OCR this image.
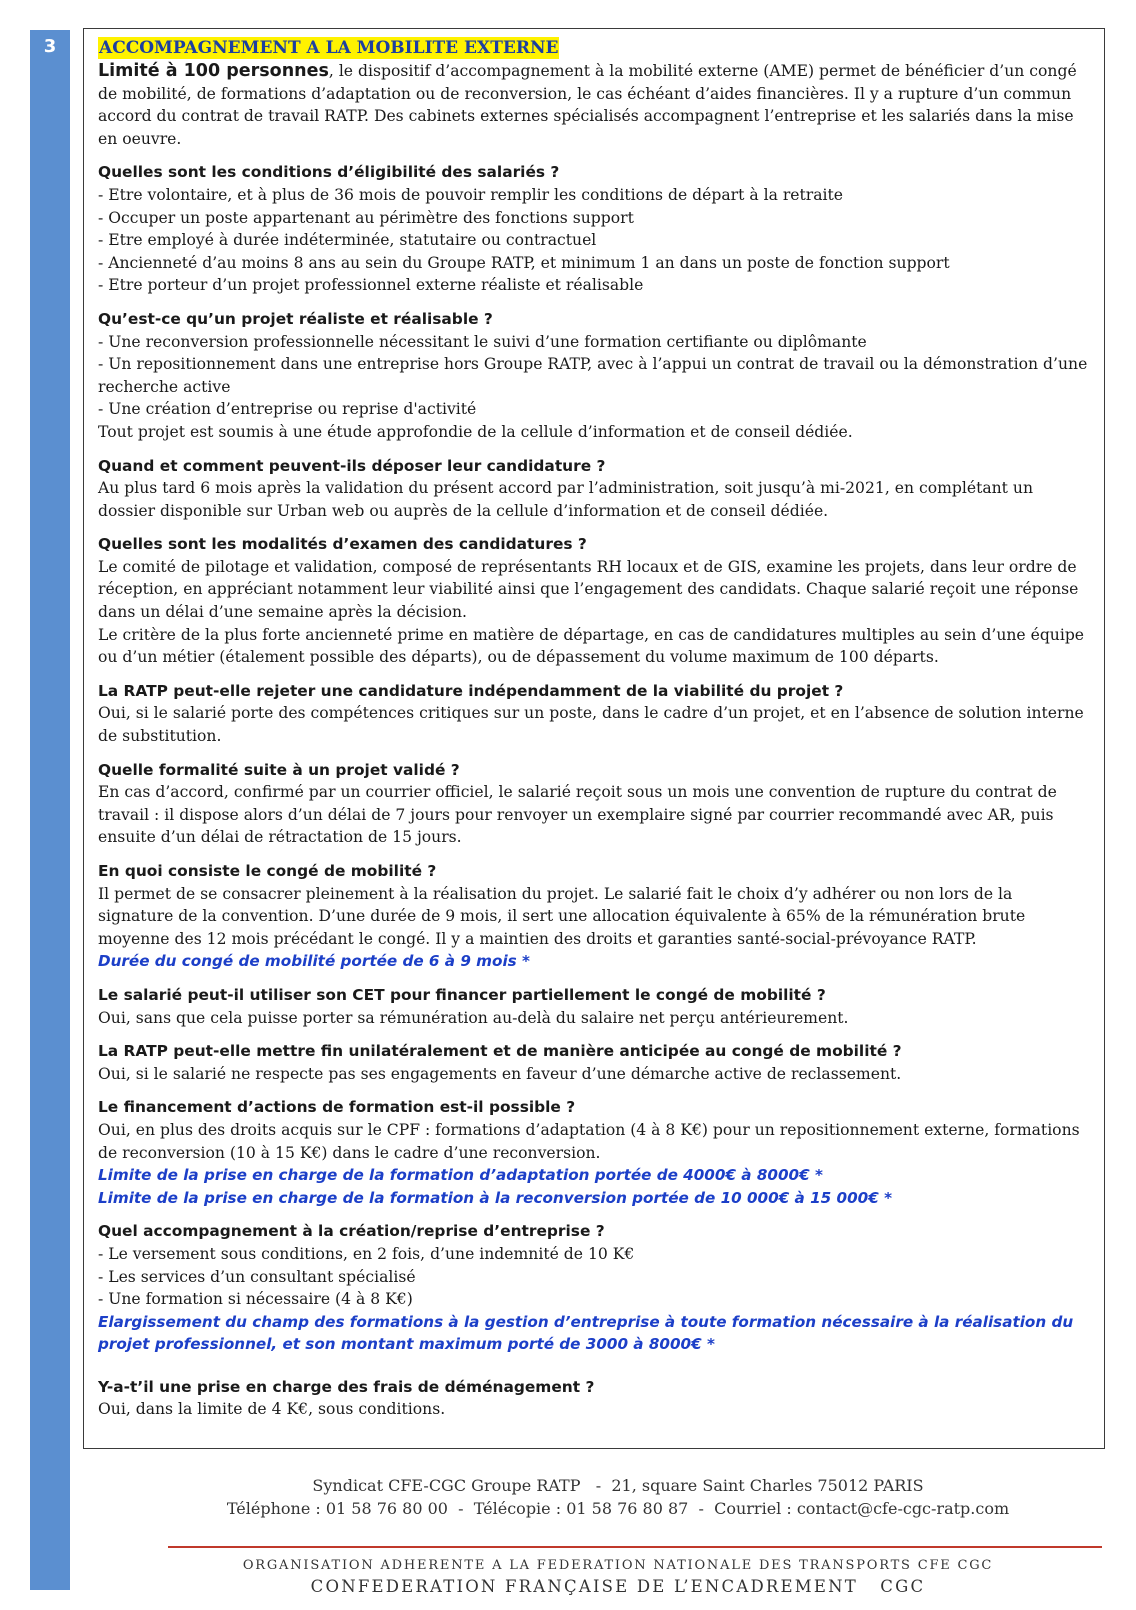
3	ACCOMPAGNEMENT A LA MOBILITE EXTERNE

Limité à 100 personnes, le dispositif d’accompagnement à la mobilité externe (AME) permet de bénéficier d’un congé de mobilité, de formations d’adaptation ou de reconversion, le cas échéant d’aides financières. Il y a rupture d’un commun accord du contrat de travail RATP. Des cabinets externes spécialisés accompagnent l’entreprise et les salariés dans la mise en oeuvre.

Quelles sont les conditions d’éligibilité des salariés ?
- Etre volontaire, et à plus de 36 mois de pouvoir remplir les conditions de départ à la retraite
- Occuper un poste appartenant au périmètre des fonctions support
- Etre employé à durée indéterminée, statutaire ou contractuel
- Ancienneté d’au moins 8 ans au sein du Groupe RATP, et minimum 1 an dans un poste de fonction support
- Etre porteur d’un projet professionnel externe réaliste et réalisable
Qu’est-ce qu’un projet réaliste et réalisable ?
- Une reconversion professionnelle nécessitant le suivi d’une formation certifiante ou diplômante
- Un repositionnement dans une entreprise hors Groupe RATP, avec à l’appui un contrat de travail ou la démonstration d’une recherche active
- Une création d’entreprise ou reprise d'activité
Tout projet est soumis à une étude approfondie de la cellule d’information et de conseil dédiée.
Quand et comment peuvent-ils déposer leur candidature ?
Au plus tard 6 mois après la validation du présent accord par l’administration, soit jusqu’à mi-2021, en complétant un dossier disponible sur Urban web ou auprès de la cellule d’information et de conseil dédiée.
Quelles sont les modalités d’examen des candidatures ?
Le comité de pilotage et validation, composé de représentants RH locaux et de GIS, examine les projets, dans leur ordre de réception, en appréciant notamment leur viabilité ainsi que l’engagement des candidats. Chaque salarié reçoit une réponse dans un délai d’une semaine après la décision.
Le critère de la plus forte ancienneté prime en matière de départage, en cas de candidatures multiples au sein d’une équipe ou d’un métier (étalement possible des départs), ou de dépassement du volume maximum de 100 départs.
La RATP peut-elle rejeter une candidature indépendamment de la viabilité du projet ?
Oui, si le salarié porte des compétences critiques sur un poste, dans le cadre d’un projet, et en l’absence de solution interne de substitution.
Quelle formalité suite à un projet validé ?
En cas d’accord, confirmé par un courrier officiel, le salarié reçoit sous un mois une convention de rupture du contrat de travail : il dispose alors d’un délai de 7 jours pour renvoyer un exemplaire signé par courrier recommandé avec AR, puis ensuite d’un délai de rétractation de 15 jours.
En quoi consiste le congé de mobilité ?
Il permet de se consacrer pleinement à la réalisation du projet. Le salarié fait le choix d’y adhérer ou non lors de la signature de la convention. D’une durée de 9 mois, il sert une allocation équivalente à 65% de la rémunération brute moyenne des 12 mois précédant le congé. Il y a maintien des droits et garanties santé-social-prévoyance RATP.
Durée du congé de mobilité portée de 6 à 9 mois *
Le salarié peut-il utiliser son CET pour financer partiellement le congé de mobilité ?
Oui, sans que cela puisse porter sa rémunération au-delà du salaire net perçu antérieurement.
La RATP peut-elle mettre fin unilatéralement et de manière anticipée au congé de mobilité ?
Oui, si le salarié ne respecte pas ses engagements en faveur d’une démarche active de reclassement.
Le financement d’actions de formation est-il possible ?
Oui, en plus des droits acquis sur le CPF : formations d’adaptation (4 à 8 K€) pour un repositionnement externe, formations de reconversion (10 à 15 K€) dans le cadre d’une reconversion.
Limite de la prise en charge de la formation d’adaptation portée de 4000€ à 8000€ *
Limite de la prise en charge de la formation à la reconversion portée de 10 000€ à 15 000€ *
Quel accompagnement à la création/reprise d’entreprise ?
- Le versement sous conditions, en 2 fois, d’une indemnité de 10 K€
- Les services d’un consultant spécialisé
- Une formation si nécessaire (4 à 8 K€)
Elargissement du champ des formations à la gestion d’entreprise à toute formation nécessaire à la réalisation du projet professionnel, et son montant maximum porté de 3000 à 8000€ *
Y-a-t’il une prise en charge des frais de déménagement ?
Oui, dans la limite de 4 K€, sous conditions.
Syndicat CFE-CGC Groupe RATP   -  21, square Saint Charles 75012 PARIS
Téléphone : 01 58 76 80 00  -  Télécopie : 01 58 76 80 87  -  Courriel : contact@cfe-cgc-ratp.com
ORGANISATION ADHERENTE A LA FEDERATION NATIONALE DES TRANSPORTS CFE CGC
CONFEDERATION FRANÇAISE DE L’ENCADREMENT   CGC
